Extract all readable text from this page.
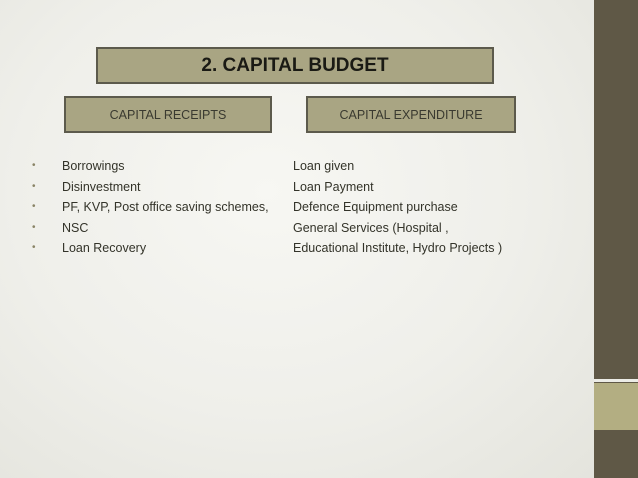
2. CAPITAL BUDGET
CAPITAL RECEIPTS	CAPITAL EXPENDITURE
• Borrowings
• Disinvestment
• PF, KVP, Post office saving schemes,
• NSC
• Loan Recovery
Loan given
Loan Payment
Defence Equipment purchase
General Services (Hospital ,
Educational Institute, Hydro Projects )
